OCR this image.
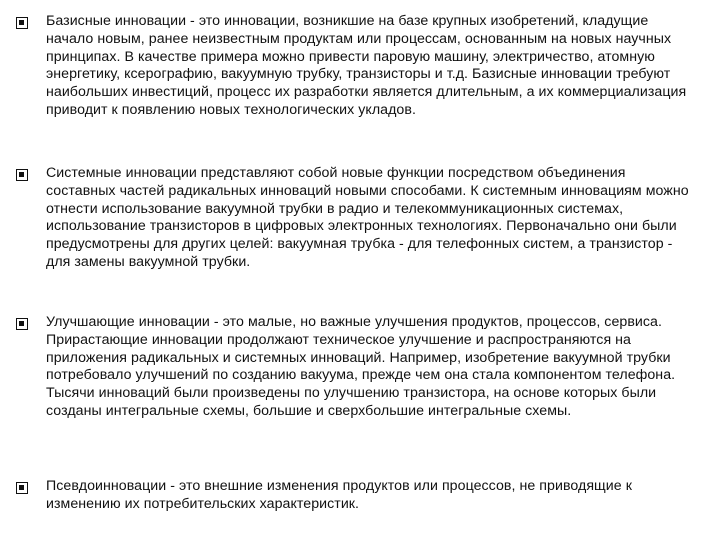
Базисные инновации - это инновации, возникшие на базе крупных изобретений, кладущие начало новым, ранее неизвестным продуктам или процессам, основанным на новых научных принципах. В качестве примера можно привести паровую машину, электричество, атомную энергетику, ксерографию, вакуумную трубку, транзисторы и т.д. Базисные инновации требуют наибольших инвестиций, процесс их разработки является длительным, а их коммерциализация приводит к появлению новых технологических укладов.

Системные инновации представляют собой новые функции посредством объединения составных частей радикальных инноваций новыми способами. К системным инновациям можно отнести использование вакуумной трубки в радио и телекоммуникационных системах, использование транзисторов в цифровых электронных технологиях. Первоначально они были предусмотрены для других целей: вакуумная трубка - для телефонных систем, а транзистор - для замены вакуумной трубки.

Улучшающие инновации - это малые, но важные улучшения продуктов, процессов, сервиса. Прирастающие инновации продолжают техническое улучшение и распространяются на приложения радикальных и системных инноваций. Например, изобретение вакуумной трубки потребовало улучшений по созданию вакуума, прежде чем она стала компонентом телефона. Тысячи инноваций были произведены по улучшению транзистора, на основе которых были созданы интегральные схемы, большие и сверхбольшие интегральные схемы.

Псевдоинновации - это внешние изменения продуктов или процессов, не приводящие к изменению их потребительских характеристик.
